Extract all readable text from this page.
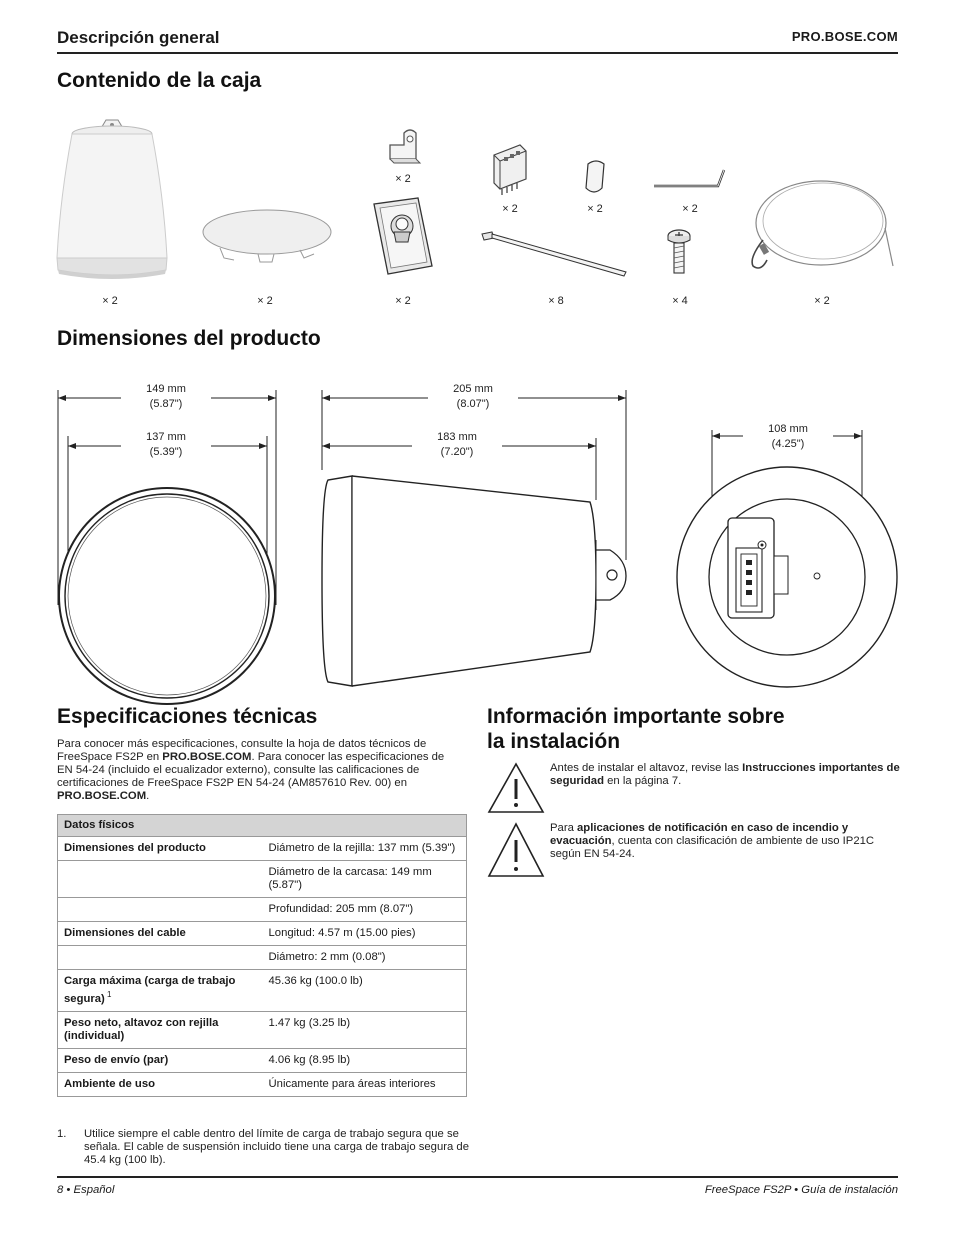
Descripción general	PRO.BOSE.COM
Contenido de la caja
× 2
× 2	× 2	× 2
× 2	× 2	× 2	× 8	× 4	× 2
Dimensiones del producto
149 mm
(5.87")
137 mm
(5.39")
205 mm
(8.07")
183 mm
(7.20")
108 mm
(4.25")
Especificaciones técnicas
Para conocer más especificaciones, consulte la hoja de datos técnicos de FreeSpace FS2P en PRO.BOSE.COM. Para conocer las especificaciones de EN 54-24 (incluido el ecualizador externo), consulte las calificaciones de certificaciones de FreeSpace FS2P EN 54-24 (AM857610 Rev. 00) en PRO.BOSE.COM.
Datos físicos	
Dimensiones del producto	Diámetro de la rejilla: 137 mm (5.39")
	Diámetro de la carcasa: 149 mm (5.87")
	Profundidad: 205 mm (8.07")
Dimensiones del cable	Longitud: 4.57 m (15.00 pies)
	Diámetro: 2 mm (0.08")
Carga máxima (carga de trabajo segura) $^1$	45.36 kg (100.0 lb)
Peso neto, altavoz con rejilla (individual)	1.47 kg (3.25 lb)
Peso de envío (par)	4.06 kg (8.95 lb)
Ambiente de uso	Únicamente para áreas interiores
1. Utilice siempre el cable dentro del límite de carga de trabajo segura que se señala. El cable de suspensión incluido tiene una carga de trabajo segura de 45.4 kg (100 lb).
Información importante sobre
la instalación
Antes de instalar el altavoz, revise las Instrucciones importantes de seguridad en la página 7.
Para aplicaciones de notificación en caso de incendio y evacuación, cuenta con clasificación de ambiente de uso IP21C según EN 54-24.
8 • Español	FreeSpace FS2P • Guía de instalación
